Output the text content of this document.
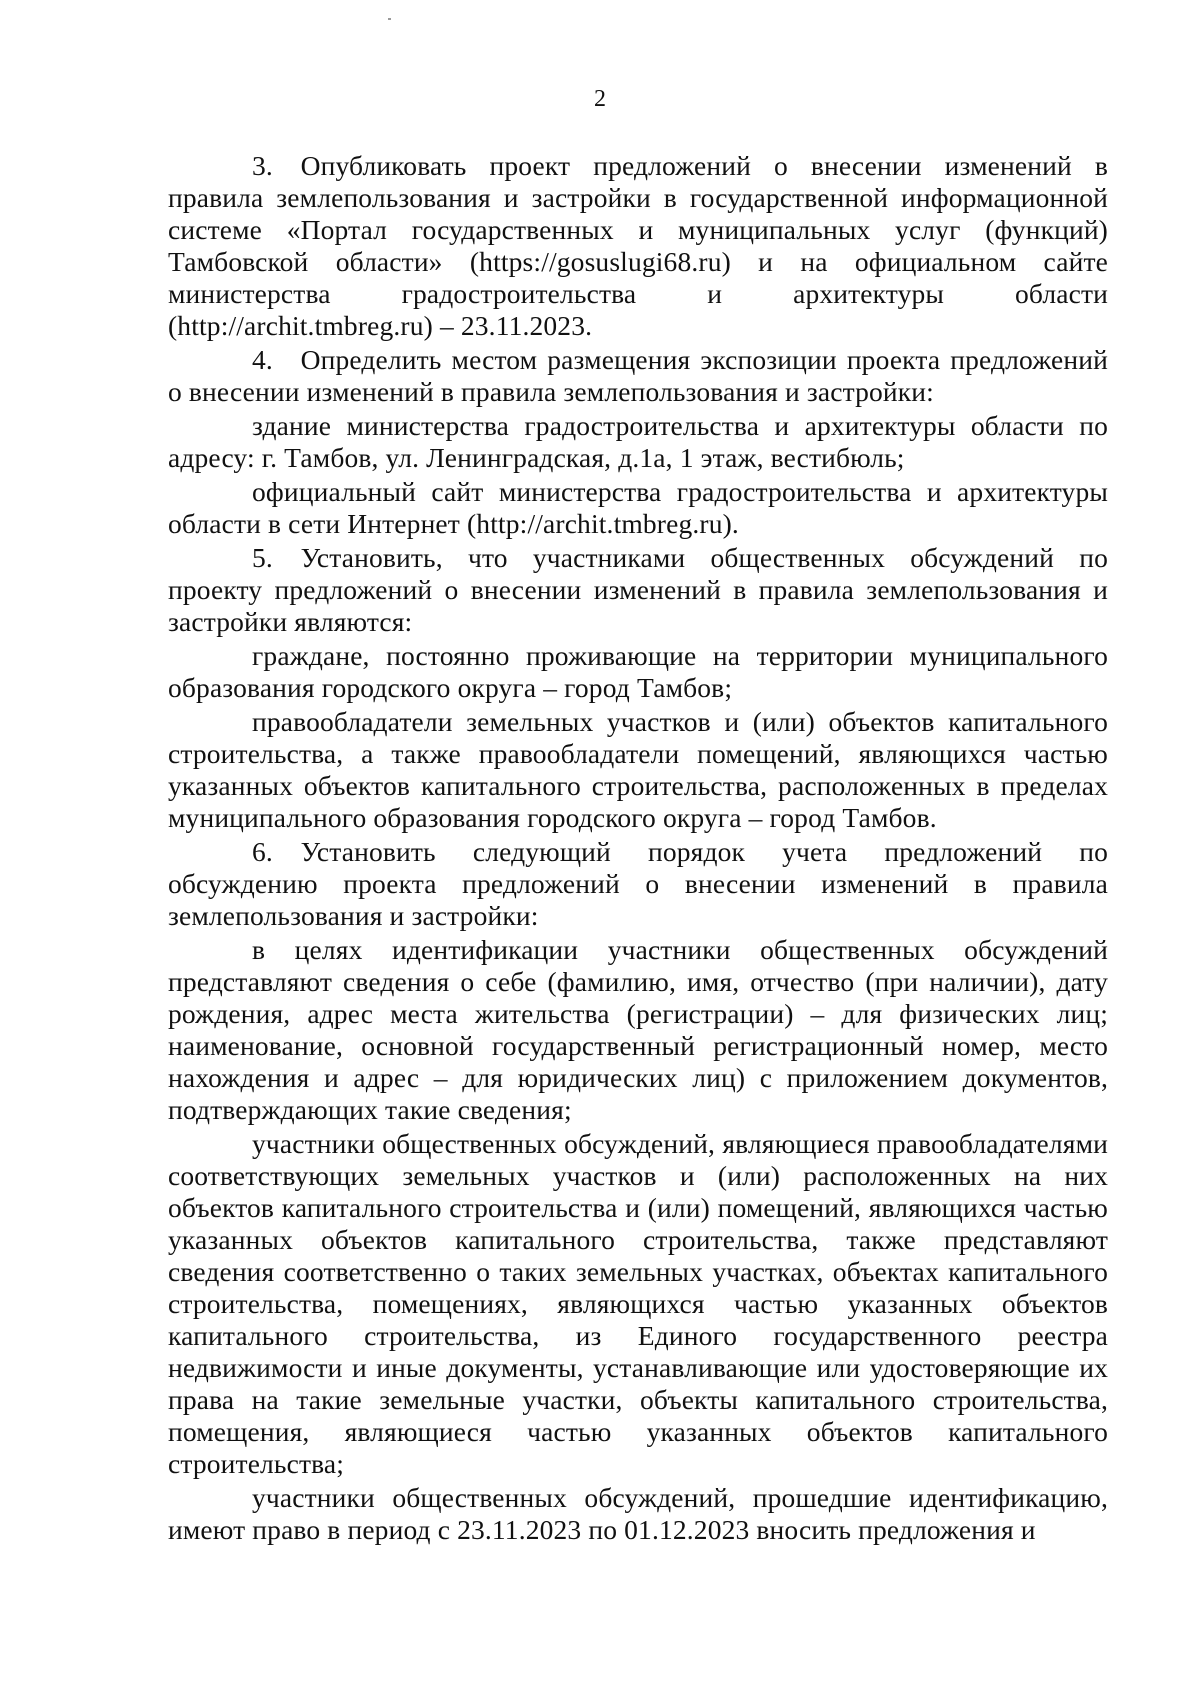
2

3. Опубликовать проект предложений о внесении изменений в правила землепользования и застройки в государственной информационной системе «Портал государственных и муниципальных услуг (функций) Тамбовской области» (https://gosuslugi68.ru) и на официальном сайте министерства градостроительства и архитектуры области (http://archit.tmbreg.ru) – 23.11.2023.

4. Определить местом размещения экспозиции проекта предложений о внесении изменений в правила землепользования и застройки:

здание министерства градостроительства и архитектуры области по адресу: г. Тамбов, ул. Ленинградская, д.1а, 1 этаж, вестибюль;

официальный сайт министерства градостроительства и архитектуры области в сети Интернет (http://archit.tmbreg.ru).

5. Установить, что участниками общественных обсуждений по проекту предложений о внесении изменений в правила землепользования и застройки являются:

граждане, постоянно проживающие на территории муниципального образования городского округа – город Тамбов;

правообладатели земельных участков и (или) объектов капитального строительства, а также правообладатели помещений, являющихся частью указанных объектов капитального строительства, расположенных в пределах муниципального образования городского округа – город Тамбов.

6. Установить следующий порядок учета предложений по обсуждению проекта предложений о внесении изменений в правила землепользования и застройки:

в целях идентификации участники общественных обсуждений представляют сведения о себе (фамилию, имя, отчество (при наличии), дату рождения, адрес места жительства (регистрации) – для физических лиц; наименование, основной государственный регистрационный номер, место нахождения и адрес – для юридических лиц) с приложением документов, подтверждающих такие сведения;

участники общественных обсуждений, являющиеся правообладателями соответствующих земельных участков и (или) расположенных на них объектов капитального строительства и (или) помещений, являющихся частью указанных объектов капитального строительства, также представляют сведения соответственно о таких земельных участках, объектах капитального строительства, помещениях, являющихся частью указанных объектов капитального строительства, из Единого государственного реестра недвижимости и иные документы, устанавливающие или удостоверяющие их права на такие земельные участки, объекты капитального строительства, помещения, являющиеся частью указанных объектов капитального строительства;

участники общественных обсуждений, прошедшие идентификацию, имеют право в период с 23.11.2023 по 01.12.2023 вносить предложения и
